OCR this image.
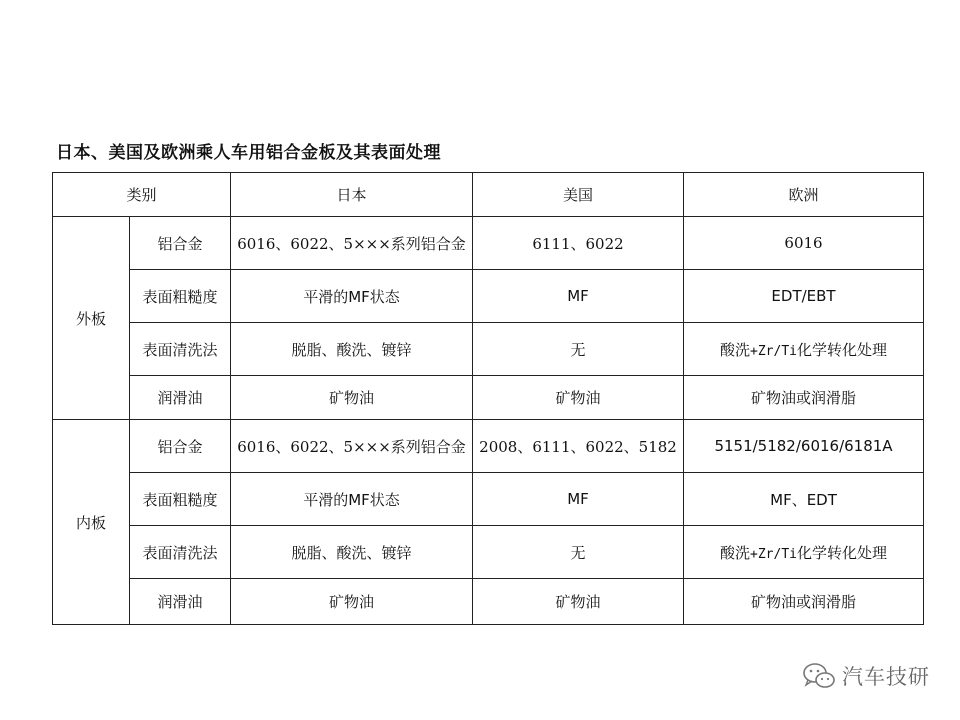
日本、美国及欧洲乘人车用铝合金板及其表面处理
类别		日本	美国	欧洲
外板	铝合金	6016、6022、5×××系列铝合金	6111、6022	6016
	表面粗糙度	平滑的MF状态	MF	EDT/EBT
	表面清洗法	脱脂、酸洗、镀锌	无	酸洗+Zr/Ti化学转化处理
	润滑油	矿物油	矿物油	矿物油或润滑脂
内板	铝合金	6016、6022、5×××系列铝合金	2008、6111、6022、5182	5151/5182/6016/6181A
	表面粗糙度	平滑的MF状态	MF	MF、EDT
	表面清洗法	脱脂、酸洗、镀锌	无	酸洗+Zr/Ti化学转化处理
	润滑油	矿物油	矿物油	矿物油或润滑脂
汽车技研
